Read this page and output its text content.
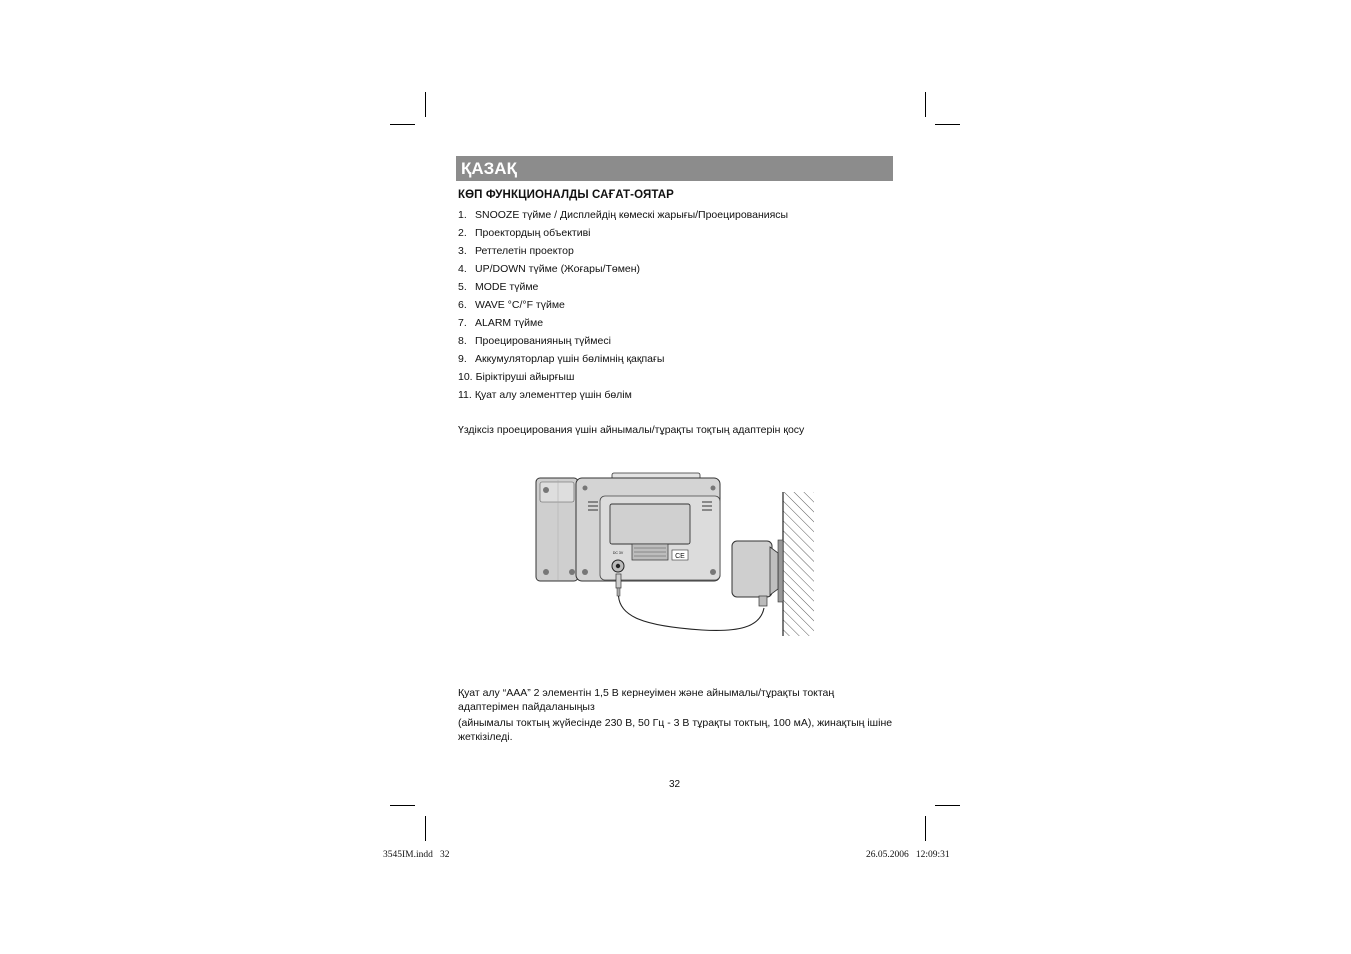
ҚАЗАҚ
КӨП ФУНКЦИОНАЛДЫ САҒАТ-ОЯТАР
1. SNOOZE түйме / Дисплейдің көмескі жарығы/Проецированиясы
2. Проектордың объективі
3. Реттелетін проектор
4. UP/DOWN түйме (Жоғары/Төмен)
5. MODE түйме
6. WAVE °C/°F түйме
7. ALARM түйме
8. Проецированияның түймесі
9. Аккумуляторлар үшін бөлімнің қақпағы
10. Біріктіруші айырғыш
11. Қуат алу элементтер үшін бөлім
Үздіксіз проецирования үшін айнымалы/тұрақты тоқтың адаптерін қосу
CE
DC 3V
Қуат алу “ААА” 2 элементін 1,5 В кернеуімен және айнымалы/тұрақты токтаң адаптерімен пайдаланыңыз
(айнымалы токтың жүйесінде 230 В, 50 Гц - 3 В тұрақты токтың, 100 мА), жинақтың ішіне жеткізіледі.
32
3545IM.indd   32	26.05.2006   12:09:31
